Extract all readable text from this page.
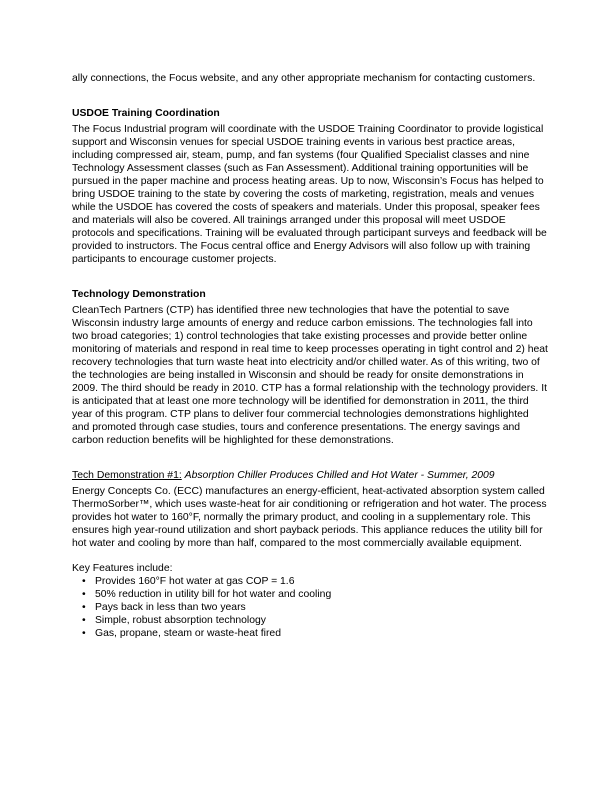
ally connections, the Focus website, and any other appropriate mechanism for contacting customers.

USDOE Training Coordination

The Focus Industrial program will coordinate with the USDOE Training Coordinator to provide logistical support and Wisconsin venues for special USDOE training events in various best practice areas, including compressed air, steam, pump, and fan systems (four Qualified Specialist classes and nine Technology Assessment classes (such as Fan Assessment). Additional training opportunities will be pursued in the paper machine and process heating areas. Up to now, Wisconsin’s Focus has helped to bring USDOE training to the state by covering the costs of marketing, registration, meals and venues while the USDOE has covered the costs of speakers and materials. Under this proposal, speaker fees and materials will also be covered. All trainings arranged under this proposal will meet USDOE protocols and specifications. Training will be evaluated through participant surveys and feedback will be provided to instructors. The Focus central office and Energy Advisors will also follow up with training participants to encourage customer projects.

Technology Demonstration

CleanTech Partners (CTP) has identified three new technologies that have the potential to save Wisconsin industry large amounts of energy and reduce carbon emissions. The technologies fall into two broad categories; 1) control technologies that take existing processes and provide better online monitoring of materials and respond in real time to keep processes operating in tight control and 2) heat recovery technologies that turn waste heat into electricity and/or chilled water. As of this writing, two of the technologies are being installed in Wisconsin and should be ready for onsite demonstrations in 2009. The third should be ready in 2010. CTP has a formal relationship with the technology providers. It is anticipated that at least one more technology will be identified for demonstration in 2011, the third year of this program. CTP plans to deliver four commercial technologies demonstrations highlighted and promoted through case studies, tours and conference presentations. The energy savings and carbon reduction benefits will be highlighted for these demonstrations.

Tech Demonstration #1: Absorption Chiller Produces Chilled and Hot Water - Summer, 2009

Energy Concepts Co. (ECC) manufactures an energy-efficient, heat-activated absorption system called ThermoSorber™, which uses waste-heat for air conditioning or refrigeration and hot water. The process provides hot water to 160°F, normally the primary product, and cooling in a supplementary role. This ensures high year-round utilization and short payback periods. This appliance reduces the utility bill for hot water and cooling by more than half, compared to the most commercially available equipment.

Key Features include:

• Provides 160°F hot water at gas COP = 1.6
• 50% reduction in utility bill for hot water and cooling
• Pays back in less than two years
• Simple, robust absorption technology
• Gas, propane, steam or waste-heat fired
